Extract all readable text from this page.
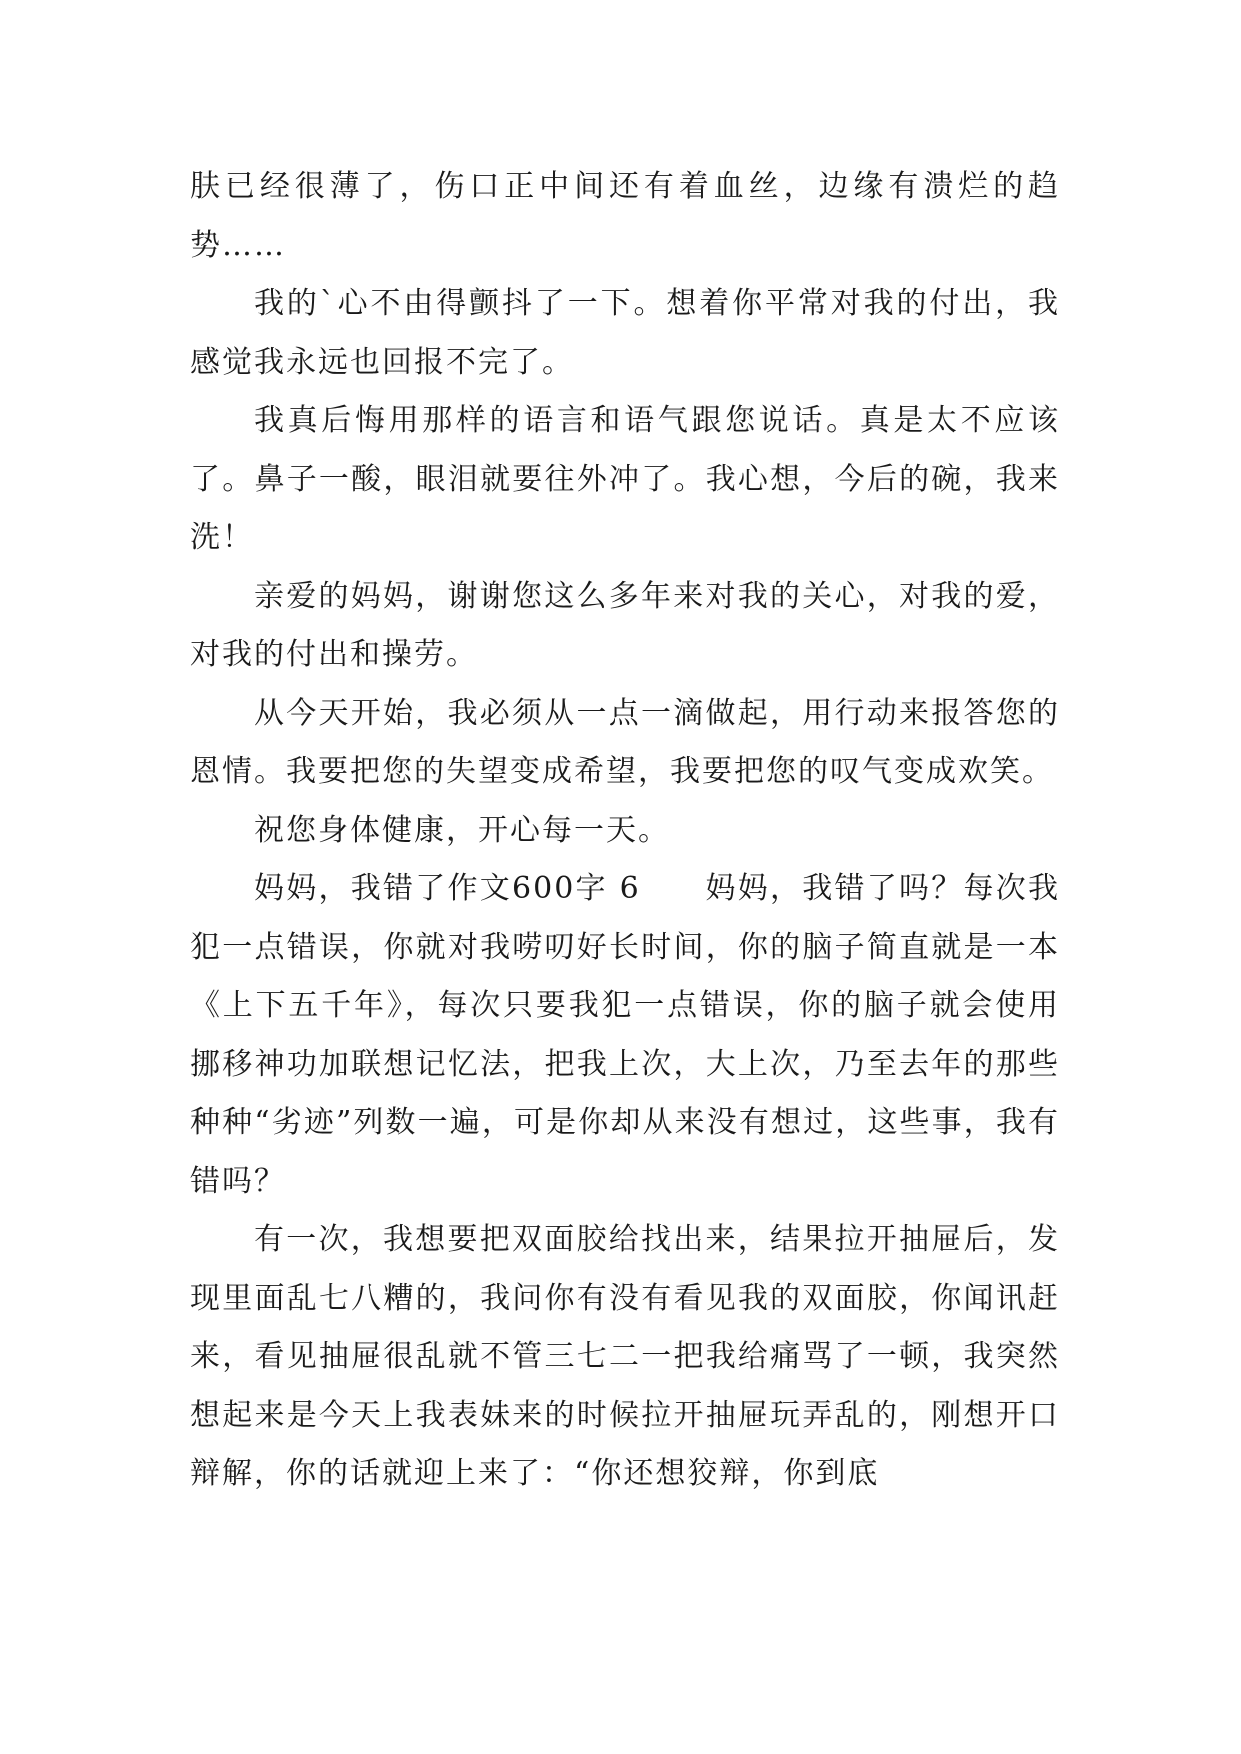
肤已经很薄了，伤口正中间还有着血丝，边缘有溃烂的趋势……

我的`心不由得颤抖了一下。想着你平常对我的付出，我感觉我永远也回报不完了。

我真后悔用那样的语言和语气跟您说话。真是太不应该了。鼻子一酸，眼泪就要往外冲了。我心想，今后的碗，我来洗！

亲爱的妈妈，谢谢您这么多年来对我的关心，对我的爱，对我的付出和操劳。

从今天开始，我必须从一点一滴做起，用行动来报答您的恩情。我要把您的失望变成希望，我要把您的叹气变成欢笑。

祝您身体健康，开心每一天。

妈妈，我错了作文600字 6　　妈妈，我错了吗？每次我犯一点错误，你就对我唠叨好长时间，你的脑子简直就是一本《上下五千年》，每次只要我犯一点错误，你的脑子就会使用挪移神功加联想记忆法，把我上次，大上次，乃至去年的那些种种“劣迹”列数一遍，可是你却从来没有想过，这些事，我有错吗？

有一次，我想要把双面胶给找出来，结果拉开抽屉后，发现里面乱七八糟的，我问你有没有看见我的双面胶，你闻讯赶来，看见抽屉很乱就不管三七二一把我给痛骂了一顿，我突然想起来是今天上我表妹来的时候拉开抽屉玩弄乱的，刚想开口辩解，你的话就迎上来了：“你还想狡辩，你到底
